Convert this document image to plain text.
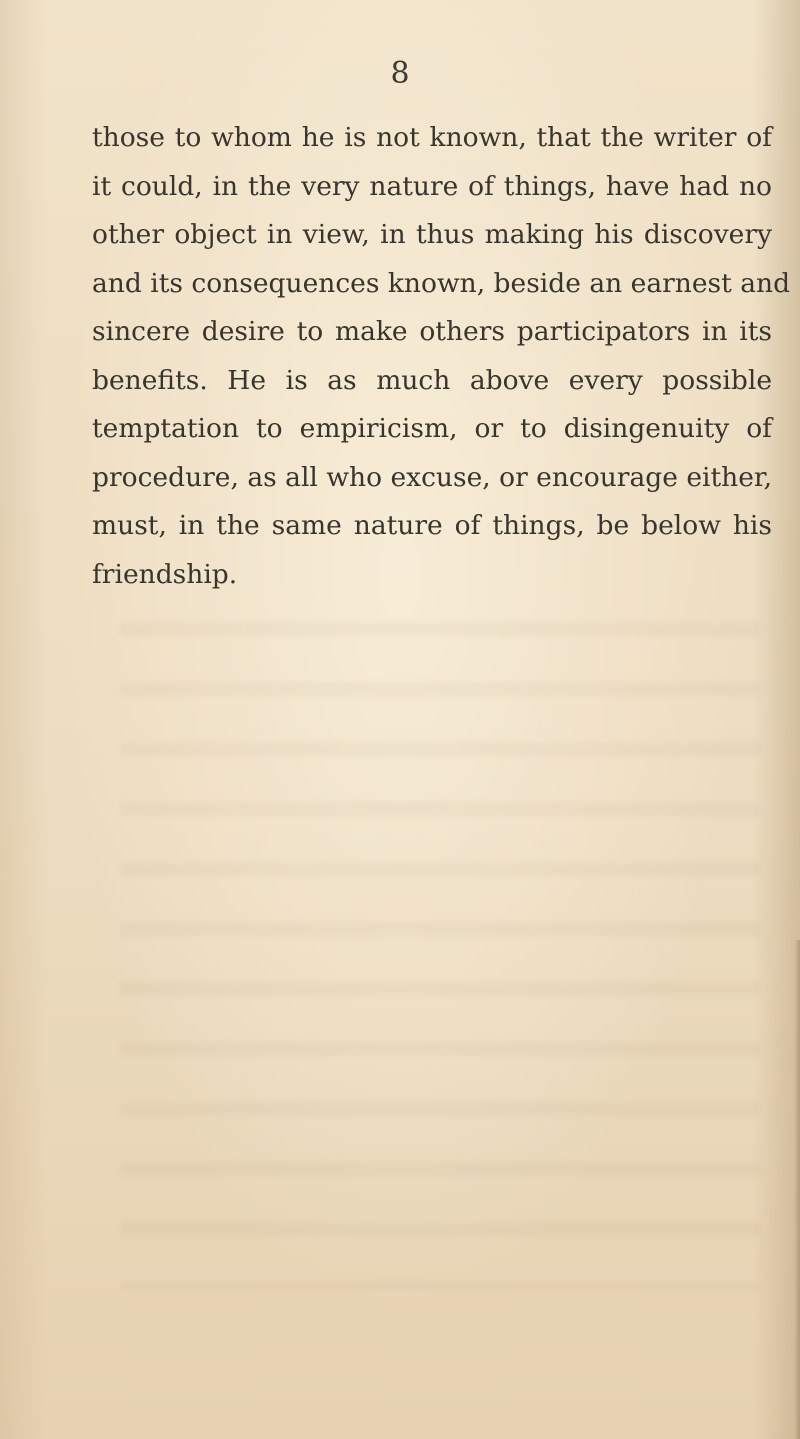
8
those to whom he is not known, that the writer of
it could, in the very nature of things, have had no
other object in view, in thus making his discovery
and its consequences known, beside an earnest and
sincere desire to make others participators in its
benefits. He is as much above every possible
temptation to empiricism, or to disingenuity of
procedure, as all who excuse, or encourage either,
must, in the same nature of things, be below his
friendship.
